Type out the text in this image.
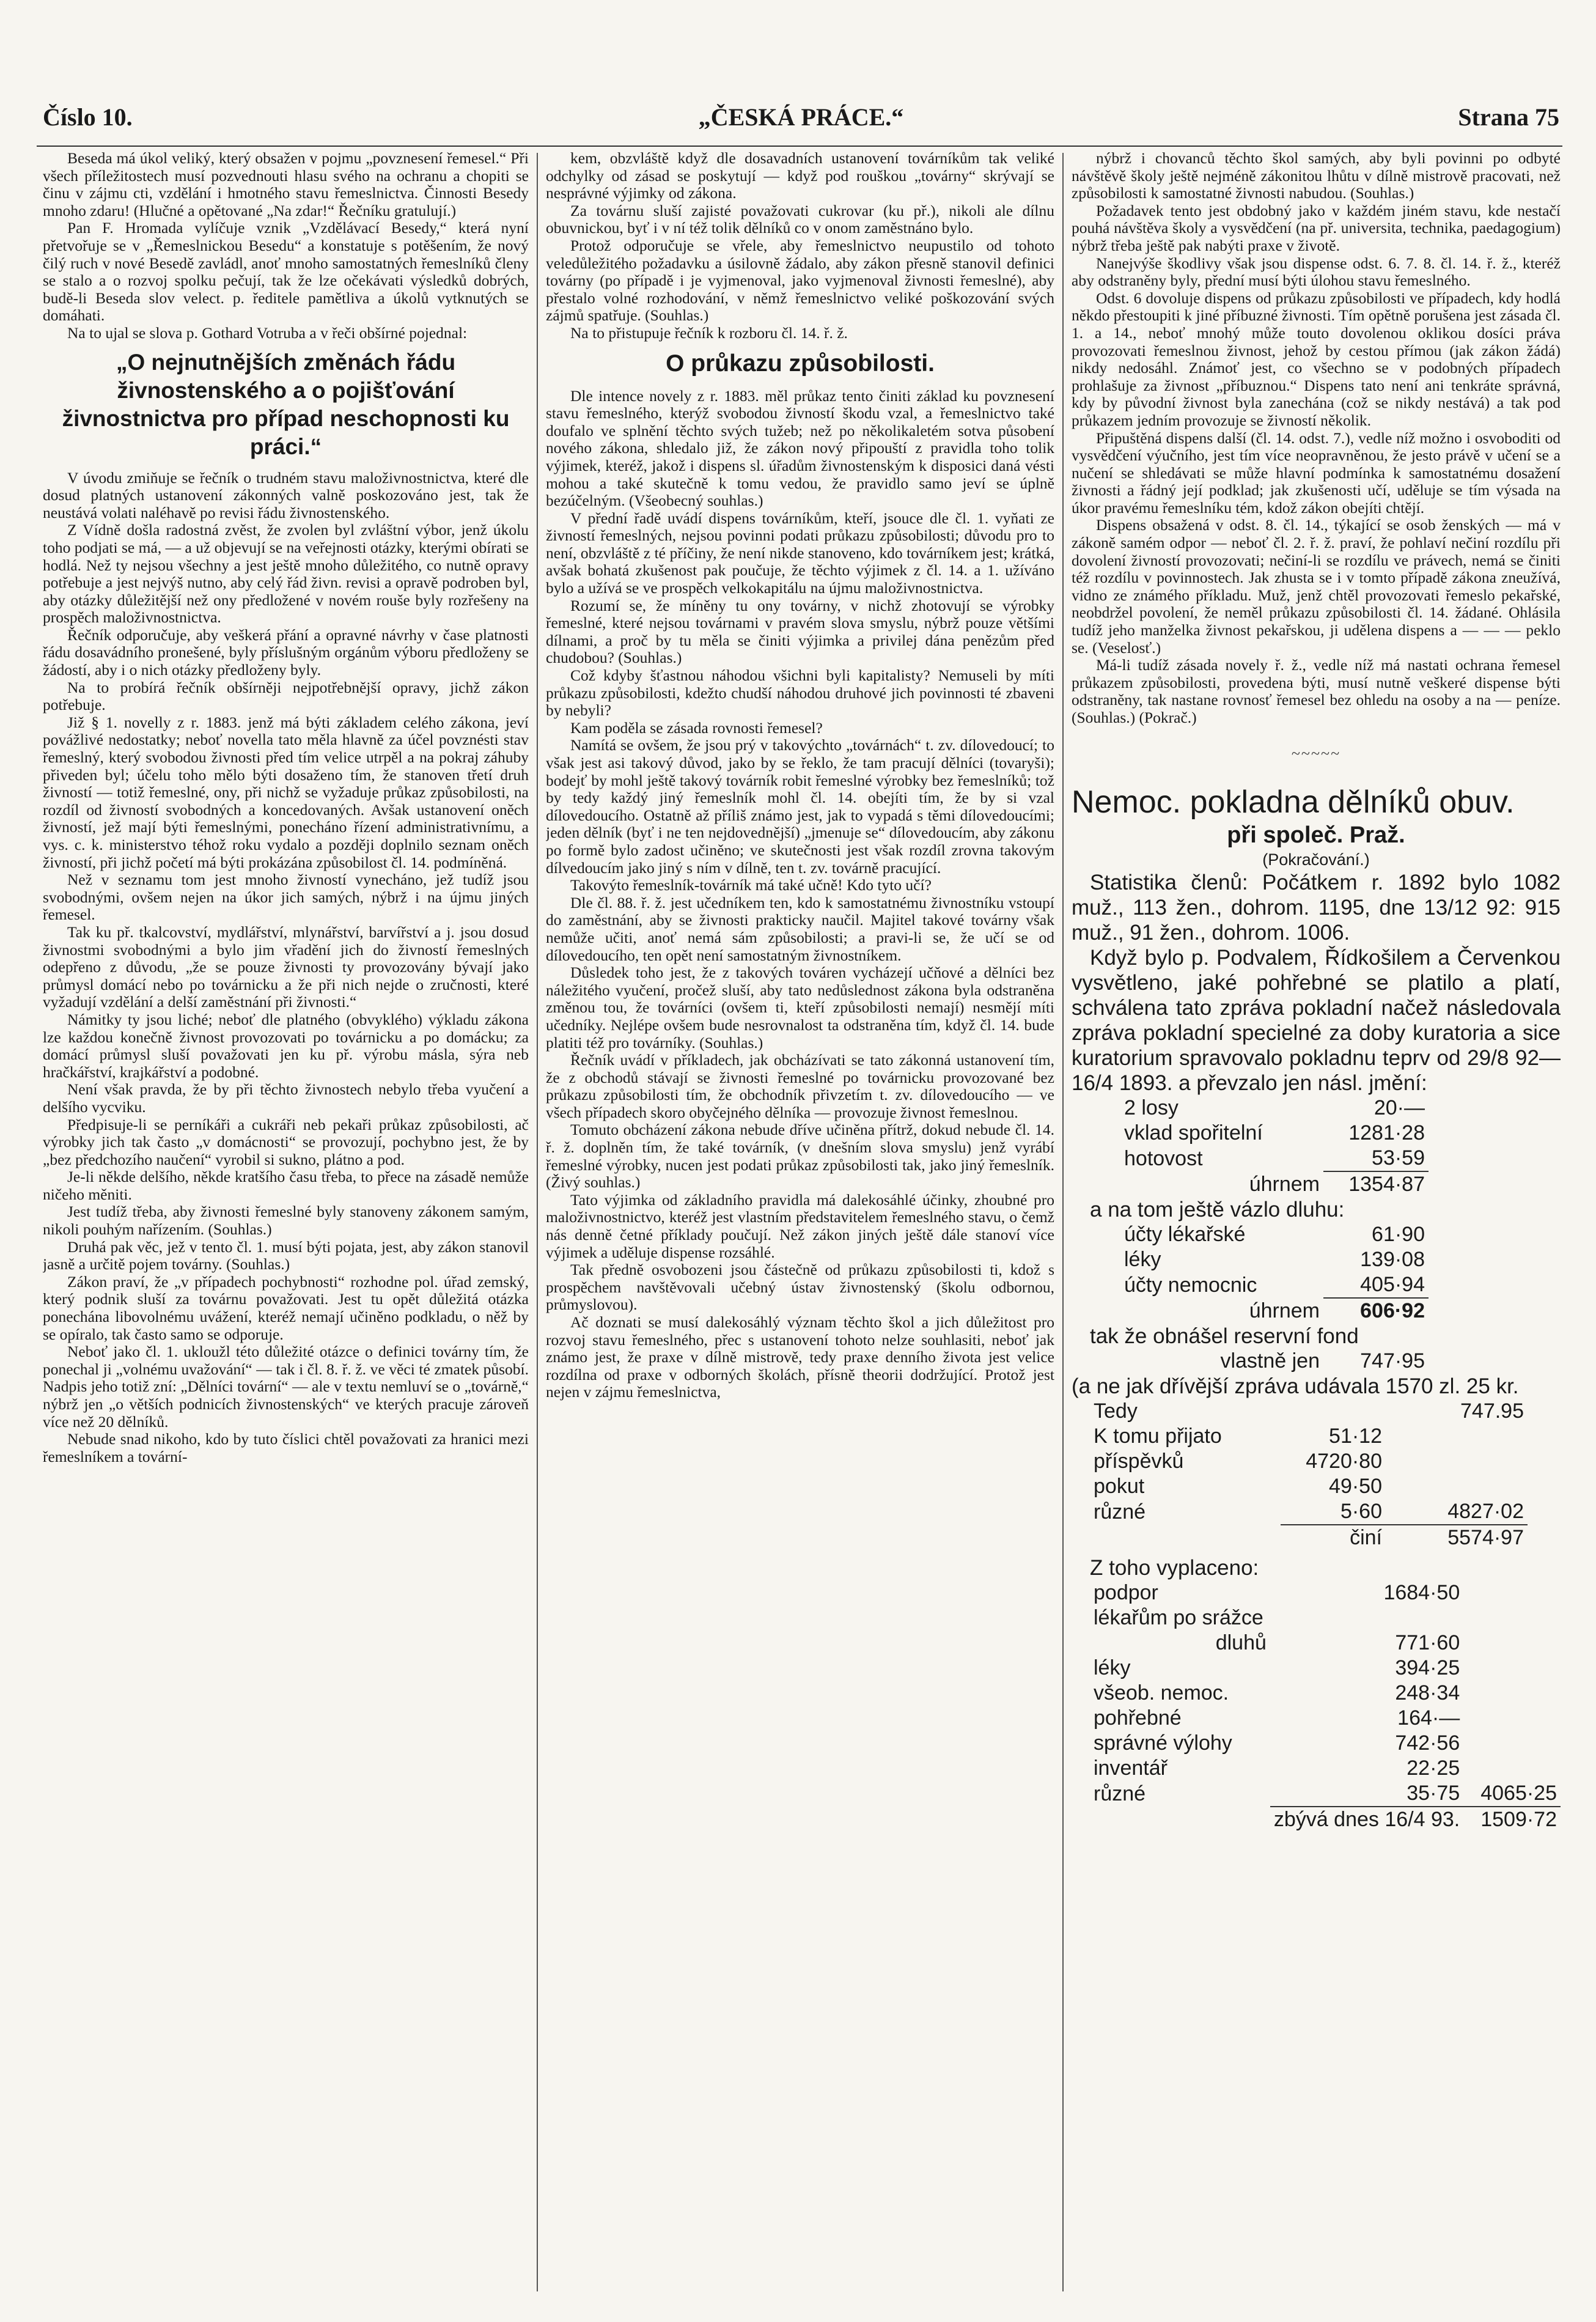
Číslo 10.	„ČESKÁ PRÁCE.“	Strana 75

Beseda má úkol veliký, který obsažen v pojmu „povznesení řemesel.“ Při všech příležitostech musí pozvednouti hlasu svého na ochranu a chopiti se činu v zájmu cti, vzdělání i hmotného stavu řemeslnictva. Činnosti Besedy mnoho zdaru! (Hlučné a opětované „Na zdar!“ Řečníku gratulují.)

Pan F. Hromada vylíčuje vznik „Vzdělávací Besedy,“ která nyní přetvořuje se v „Řemeslnickou Besedu“ a konstatuje s potěšením, že nový čilý ruch v nové Besedě zavládl, anoť mnoho samostatných řemeslníků členy se stalo a o rozvoj spolku pečují, tak že lze očekávati výsledků dobrých, budě-li Beseda slov velect. p. ředitele pamětliva a úkolů vytknutých se domáhati.

Na to ujal se slova p. Gothard Votruba a v řeči obšírné pojednal:

„O nejnutnějších změnách řádu živnostenského a o pojišťování živnostnictva pro případ neschopnosti ku práci.“

V úvodu zmiňuje se řečník o trudném stavu maloživnostnictva, které dle dosud platných ustanovení zákonných valně poskozováno jest, tak že neustává volati naléhavě po revisi řádu živnostenského.

Z Vídně došla radostná zvěst, že zvolen byl zvláštní výbor, jenž úkolu toho podjati se má, — a už objevují se na veřejnosti otázky, kterými obírati se hodlá. Než ty nejsou všechny a jest ještě mnoho důležitého, co nutně opravy potřebuje a jest nejvýš nutno, aby celý řád živn. revisi a opravě podroben byl, aby otázky důležitější než ony předložené v novém rouše byly rozřešeny na prospěch maloživnostnictva.

Řečník odporučuje, aby veškerá přání a opravné návrhy v čase platnosti řádu dosavádního pronešené, byly příslušným orgánům výboru předloženy se žádostí, aby i o nich otázky předloženy byly.

Na to probírá řečník obšírněji nejpotřebnější opravy, jichž zákon potřebuje.

Již § 1. novelly z r. 1883. jenž má býti základem celého zákona, jeví povážlivé nedostatky; neboť novella tato měla hlavně za účel povznésti stav řemeslný, který svobodou živnosti před tím velice utrpěl a na pokraj záhuby přiveden byl; účelu toho mělo býti dosaženo tím, že stanoven třetí druh živností — totiž řemeslné, ony, při nichž se vyžaduje průkaz způsobilosti, na rozdíl od živností svobodných a koncedovaných. Avšak ustanovení oněch živností, jež mají býti řemeslnými, ponecháno řízení administrativnímu, a vys. c. k. ministerstvo téhož roku vydalo a později doplnilo seznam oněch živností, při jichž početí má býti prokázána způsobilost čl. 14. podmíněná.

Než v seznamu tom jest mnoho živností vynecháno, jež tudíž jsou svobodnými, ovšem nejen na úkor jich samých, nýbrž i na újmu jiných řemesel.

Tak ku př. tkalcovství, mydlářství, mlynářství, barvířství a j. jsou dosud živnostmi svobodnými a bylo jim vřadění jich do živností řemeslných odepřeno z důvodu, „že se pouze živnosti ty provozovány bývají jako průmysl domácí nebo po továrnicku a že při nich nejde o zručnosti, které vyžadují vzdělání a delší zaměstnání při živnosti.“

Námitky ty jsou liché; neboť dle platného (obvyklého) výkladu zákona lze každou konečně živnost provozovati po továrnicku a po domácku; za domácí průmysl sluší považovati jen ku př. výrobu másla, sýra neb hračkářství, krajkářství a podobné.

Není však pravda, že by při těchto živnostech nebylo třeba vyučení a delšího vycviku.

Předpisuje-li se perníkáři a cukráři neb pekaři průkaz způsobilosti, ač výrobky jich tak často „v domácnosti“ se provozují, pochybno jest, že by „bez předchozího naučení“ vyrobil si sukno, plátno a pod.

Je-li někde delšího, někde kratšího času třeba, to přece na zásadě nemůže ničeho měniti.

Jest tudíž třeba, aby živnosti řemeslné byly stanoveny zákonem samým, nikoli pouhým nařízením. (Souhlas.)

Druhá pak věc, jež v tento čl. 1. musí býti pojata, jest, aby zákon stanovil jasně a určitě pojem továrny. (Souhlas.)

Zákon praví, že „v případech pochybnosti“ rozhodne pol. úřad zemský, který podnik sluší za továrnu považovati. Jest tu opět důležitá otázka ponechána libovolnému uvážení, kteréž nemají učiněno podkladu, o něž by se opíralo, tak často samo se odporuje.

Neboť jako čl. 1. ukloužl této důležité otázce o definici továrny tím, že ponechal ji „volnému uvažování“ — tak i čl. 8. ř. ž. ve věci té zmatek působí. Nadpis jeho totiž zní: „Dělníci tovární“ — ale v textu nemluví se o „továrně,“ nýbrž jen „o větších podnicích živnostenských“ ve kterých pracuje zároveň více než 20 dělníků.

Nebude snad nikoho, kdo by tuto číslici chtěl považovati za hranici mezi řemeslníkem a tovární-

kem, obzvláště když dle dosavadních ustanovení továrníkům tak veliké odchylky od zásad se poskytují — když pod rouškou „továrny“ skrývají se nesprávné výjimky od zákona.

Za továrnu sluší zajisté považovati cukrovar (ku př.), nikoli ale dílnu obuvnickou, byť i v ní též tolik dělníků co v onom zaměstnáno bylo.

Protož odporučuje se vřele, aby řemeslnictvo neupustilo od tohoto veledůležitého požadavku a úsilovně žádalo, aby zákon přesně stanovil definici továrny (po případě i je vyjmenoval, jako vyjmenoval živnosti řemeslné), aby přestalo volné rozhodování, v němž řemeslnictvo veliké poškozování svých zájmů spatřuje. (Souhlas.)

Na to přistupuje řečník k rozboru čl. 14. ř. ž.

O průkazu způsobilosti.

Dle intence novely z r. 1883. měl průkaz tento činiti základ ku povznesení stavu řemeslného, kterýž svobodou živností škodu vzal, a řemeslnictvo také doufalo ve splnění těchto svých tužeb; než po několikaletém sotva působení nového zákona, shledalo již, že zákon nový připouští z pravidla toho tolik výjimek, kteréž, jakož i dispens sl. úřadům živnostenským k disposici daná vésti mohou a také skutečně k tomu vedou, že pravidlo samo jeví se úplně bezúčelným. (Všeobecný souhlas.)

V přední řadě uvádí dispens továrníkům, kteří, jsouce dle čl. 1. vyňati ze živností řemeslných, nejsou povinni podati průkazu způsobilosti; důvodu pro to není, obzvláště z té příčiny, že není nikde stanoveno, kdo továrníkem jest; krátká, avšak bohatá zkušenost pak poučuje, že těchto výjimek z čl. 14. a 1. užíváno bylo a užívá se ve prospěch velkokapitálu na újmu maloživnostnictva.

Rozumí se, že míněny tu ony továrny, v nichž zhotovují se výrobky řemeslné, které nejsou továrnami v pravém slova smyslu, nýbrž pouze většími dílnami, a proč by tu měla se činiti výjimka a privilej dána penězům před chudobou? (Souhlas.)

Což kdyby šťastnou náhodou všichni byli kapitalisty? Nemuseli by míti průkazu způsobilosti, kdežto chudší náhodou druhové jich povinnosti té zbaveni by nebyli?

Kam poděla se zásada rovnosti řemesel?

Namítá se ovšem, že jsou prý v takovýchto „továrnách“ t. zv. dílovedoucí; to však jest asi takový důvod, jako by se řeklo, že tam pracují dělníci (tovaryši); bodejť by mohl ještě takový továrník robit řemeslné výrobky bez řemeslníků; tož by tedy každý jiný řemeslník mohl čl. 14. obejíti tím, že by si vzal dílovedoucího. Ostatně až příliš známo jest, jak to vypadá s těmi dílovedoucími; jeden dělník (byť i ne ten nejdovednější) „jmenuje se“ dílovedoucím, aby zákonu po formě bylo zadost učiněno; ve skutečnosti jest však rozdíl zrovna takovým dílvedoucím jako jiný s ním v dílně, ten t. zv. továrně pracující.

Takovýto řemeslník-továrník má také učně! Kdo tyto učí?

Dle čl. 88. ř. ž. jest učedníkem ten, kdo k samostatnému živnostníku vstoupí do zaměstnání, aby se živnosti prakticky naučil. Majitel takové továrny však nemůže učiti, anoť nemá sám způsobilosti; a pravi-li se, že učí se od dílovedoucího, ten opět není samostatným živnostníkem.

Důsledek toho jest, že z takových továren vycházejí učňové a dělníci bez náležitého vyučení, pročež sluší, aby tato nedůslednost zákona byla odstraněna změnou tou, že továrníci (ovšem ti, kteří způsobilosti nemají) nesmějí míti učedníky. Nejlépe ovšem bude nesrovnalost ta odstraněna tím, když čl. 14. bude platiti též pro továrníky. (Souhlas.)

Řečník uvádí v příkladech, jak obcházívati se tato zákonná ustanovení tím, že z obchodů stávají se živnosti řemeslné po továrnicku provozované bez průkazu způsobilosti tím, že obchodník přivzetím t. zv. dílovedoucího — ve všech případech skoro obyčejného dělníka — provozuje živnost řemeslnou.

Tomuto obcházení zákona nebude dříve učiněna přítrž, dokud nebude čl. 14. ř. ž. doplněn tím, že také továrník, (v dnešním slova smyslu) jenž vyrábí řemeslné výrobky, nucen jest podati průkaz způsobilosti tak, jako jiný řemeslník. (Živý souhlas.)

Tato výjimka od základního pravidla má dalekosáhlé účinky, zhoubné pro maloživnostnictvo, kteréž jest vlastním představitelem řemeslného stavu, o čemž nás denně četné příklady poučují. Než zákon jiných ještě dále stanoví více výjimek a uděluje dispense rozsáhlé.

Tak předně osvobozeni jsou částečně od průkazu způsobilosti ti, kdož s prospěchem navštěvovali učebný ústav živnostenský (školu odbornou, průmyslovou).

Ač doznati se musí dalekosáhlý význam těchto škol a jich důležitost pro rozvoj stavu řemeslného, přec s ustanovení tohoto nelze souhlasiti, neboť jak známo jest, že praxe v dílně mistrově, tedy praxe denního života jest velice rozdílna od praxe v odborných školách, přísně theorii dodržující. Protož jest nejen v zájmu řemeslnictva,

nýbrž i chovanců těchto škol samých, aby byli povinni po odbyté návštěvě školy ještě nejméně zákonitou lhůtu v dílně mistrově pracovati, než způsobilosti k samostatné živnosti nabudou. (Souhlas.)

Požadavek tento jest obdobný jako v každém jiném stavu, kde nestačí pouhá návštěva školy a vysvědčení (na př. universita, technika, paedagogium) nýbrž třeba ještě pak nabýti praxe v životě.

Nanejvýše škodlivy však jsou dispense odst. 6. 7. 8. čl. 14. ř. ž., kteréž aby odstraněny byly, přední musí býti úlohou stavu řemeslného.

Odst. 6 dovoluje dispens od průkazu způsobilosti ve případech, kdy hodlá někdo přestoupiti k jiné příbuzné živnosti. Tím opětně porušena jest zásada čl. 1. a 14., neboť mnohý může touto dovolenou oklikou dosíci práva provozovati řemeslnou živnost, jehož by cestou přímou (jak zákon žádá) nikdy nedosáhl. Známoť jest, co všechno se v podobných případech prohlašuje za živnost „příbuznou.“ Dispens tato není ani tenkráte správná, kdy by původní živnost byla zanechána (což se nikdy nestává) a tak pod průkazem jedním provozuje se živností několik.

Připuštěná dispens další (čl. 14. odst. 7.), vedle níž možno i osvoboditi od vysvědčení výučního, jest tím více neopravněnou, že jesto právě v učení se a nučení se shledávati se může hlavní podmínka k samostatnému dosažení živnosti a řádný její podklad; jak zkušenosti učí, uděluje se tím výsada na úkor pravému řemeslníku tém, kdož zákon obejíti chtějí.

Dispens obsažená v odst. 8. čl. 14., týkající se osob ženských — má v zákoně samém odpor — neboť čl. 2. ř. ž. praví, že pohlaví nečiní rozdílu při dovolení živností provozovati; nečiní-li se rozdílu ve právech, nemá se činiti též rozdílu v povinnostech. Jak zhusta se i v tomto případě zákona zneužívá, vidno ze známého příkladu. Muž, jenž chtěl provozovati řemeslo pekařské, neobdržel povolení, že neměl průkazu způsobilosti čl. 14. žádané. Ohlásila tudíž jeho manželka živnost pekařskou, ji udělena dispens a — — — peklo se. (Veselosť.)

Má-li tudíž zásada novely ř. ž., vedle níž má nastati ochrana řemesel průkazem způsobilosti, provedena býti, musí nutně veškeré dispense býti odstraněny, tak nastane rovnosť řemesel bez ohledu na osoby a na — peníze. (Souhlas.) (Pokrač.)

~~~~~
Nemoc. pokladna dělníků obuv.
při společ. Praž.
(Pokračování.)

Statistika členů: Počátkem r. 1892 bylo 1082 muž., 113 žen., dohrom. 1195, dne 13/12 92: 915 muž., 91 žen., dohrom. 1006.

Když bylo p. Podvalem, Řídkošilem a Červenkou vysvětleno, jaké pohřebné se platilo a platí, schválena tato zpráva pokladní načež následovala zpráva pokladní specielné za doby kuratoria a sice kuratorium spravovalo pokladnu teprv od 29/8 92—16/4 1893. a převzalo jen násl. jmění:

2 losy	20·—
vklad spořitelní	1281·28
hotovost	53·59
úhrnem	1354·87
a na tom ještě vázlo dluhu:
účty lékařské	61·90
léky	139·08
účty nemocnic	405·94
úhrnem	606·92
tak že obnášel reservní fond
vlastně jen	747·95
(a ne jak dřívější zpráva udávala 1570 zl. 25 kr.
Tedy		747.95
K tomu přijato	51·12	
příspěvků	4720·80	
pokut	49·50	
různé	5·60	4827·02
	činí	5574·97
Z toho vyplaceno:
podpor	1684·50	
lékařům po srážce		
dluhů	771·60	
léky	394·25	
všeob. nemoc.	248·34	
pohřebné	164·—	
správné výlohy	742·56	
inventář	22·25	
různé	35·75	4065·25
	zbývá dnes 16/4 93.	1509·72
